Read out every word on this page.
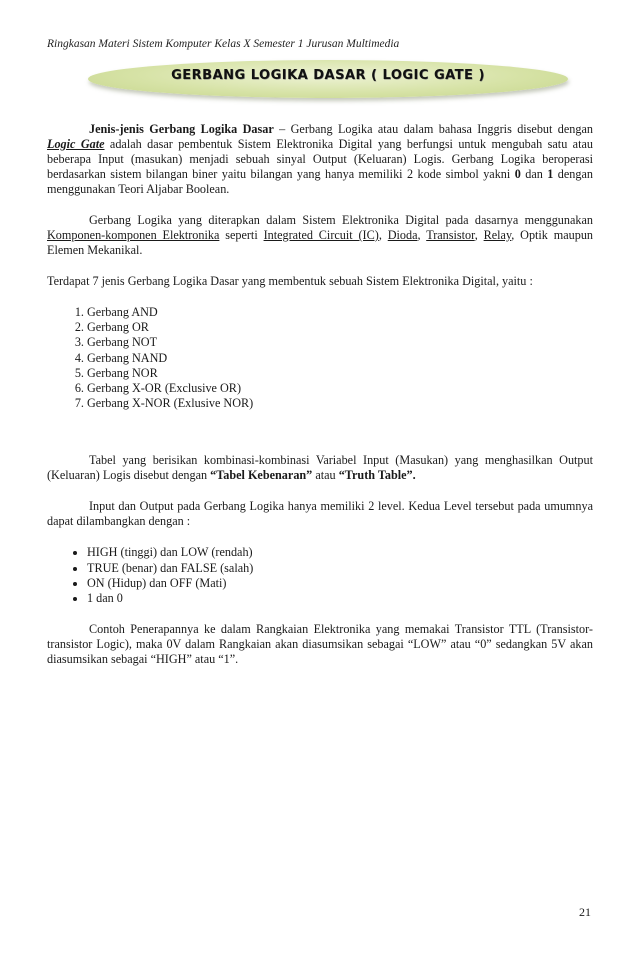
Ringkasan Materi Sistem Komputer Kelas X Semester 1 Jurusan Multimedia
GERBANG LOGIKA DASAR ( LOGIC GATE )

Jenis-jenis Gerbang Logika Dasar – Gerbang Logika atau dalam bahasa Inggris disebut dengan Logic Gate adalah dasar pembentuk Sistem Elektronika Digital yang berfungsi untuk mengubah satu atau beberapa Input (masukan) menjadi sebuah sinyal Output (Keluaran) Logis. Gerbang Logika beroperasi berdasarkan sistem bilangan biner yaitu bilangan yang hanya memiliki 2 kode simbol yakni 0 dan 1 dengan menggunakan Teori Aljabar Boolean.

Gerbang Logika yang diterapkan dalam Sistem Elektronika Digital pada dasarnya menggunakan Komponen-komponen Elektronika seperti Integrated Circuit (IC), Dioda, Transistor, Relay, Optik maupun Elemen Mekanikal.

Terdapat 7 jenis Gerbang Logika Dasar yang membentuk sebuah Sistem Elektronika Digital, yaitu :

1. Gerbang AND
2. Gerbang OR
3. Gerbang NOT
4. Gerbang NAND
5. Gerbang NOR
6. Gerbang X-OR (Exclusive OR)
7. Gerbang X-NOR (Exlusive NOR)

Tabel yang berisikan kombinasi-kombinasi Variabel Input (Masukan) yang menghasilkan Output (Keluaran) Logis disebut dengan “Tabel Kebenaran” atau “Truth Table”.

Input dan Output pada Gerbang Logika hanya memiliki 2 level. Kedua Level tersebut pada umumnya dapat dilambangkan dengan :

• HIGH (tinggi) dan LOW (rendah)
• TRUE (benar) dan FALSE (salah)
• ON (Hidup) dan OFF (Mati)
• 1 dan 0

Contoh Penerapannya ke dalam Rangkaian Elektronika yang memakai Transistor TTL (Transistor-transistor Logic), maka 0V dalam Rangkaian akan diasumsikan sebagai “LOW” atau “0” sedangkan 5V akan diasumsikan sebagai “HIGH” atau “1”.

21
